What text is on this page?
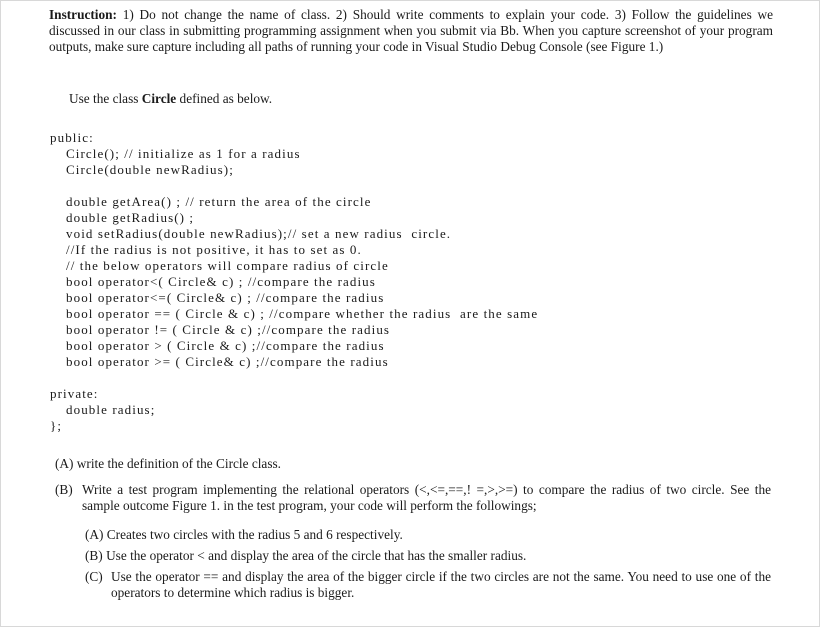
Instruction: 1) Do not change the name of class. 2) Should write comments to explain your code. 3) Follow the guidelines we discussed in our class in submitting programming assignment when you submit via Bb. When you capture screenshot of your program outputs, make sure capture including all paths of running your code in Visual Studio Debug Console (see Figure 1.)
Use the class Circle defined as below.
public:
Circle(); // initialize as 1 for a radius
Circle(double newRadius);
double getArea() ; // return the area of the circle
double getRadius() ;
void setRadius(double newRadius);// set a new radius  circle.
//If the radius is not positive, it has to set as 0.
// the below operators will compare radius of circle
bool operator<( Circle& c) ; //compare the radius
bool operator<=( Circle& c) ; //compare the radius
bool operator == ( Circle & c) ; //compare whether the radius  are the same
bool operator != ( Circle & c) ;//compare the radius
bool operator > ( Circle & c) ;//compare the radius
bool operator >= ( Circle& c) ;//compare the radius
private:
double radius;
};
(A) write the definition of the Circle class.
(B) Write a test program implementing the relational operators (<,<=,==,! =,>,>=) to compare the radius of two circle. See the sample outcome Figure 1. in the test program, your code will perform the followings;
(A) Creates two circles with the radius 5 and 6 respectively.
(B) Use the operator < and display the area of the circle that has the smaller radius.
(C) Use the operator == and display the area of the bigger circle if the two circles are not the same. You need to use one of the operators to determine which radius is bigger.
